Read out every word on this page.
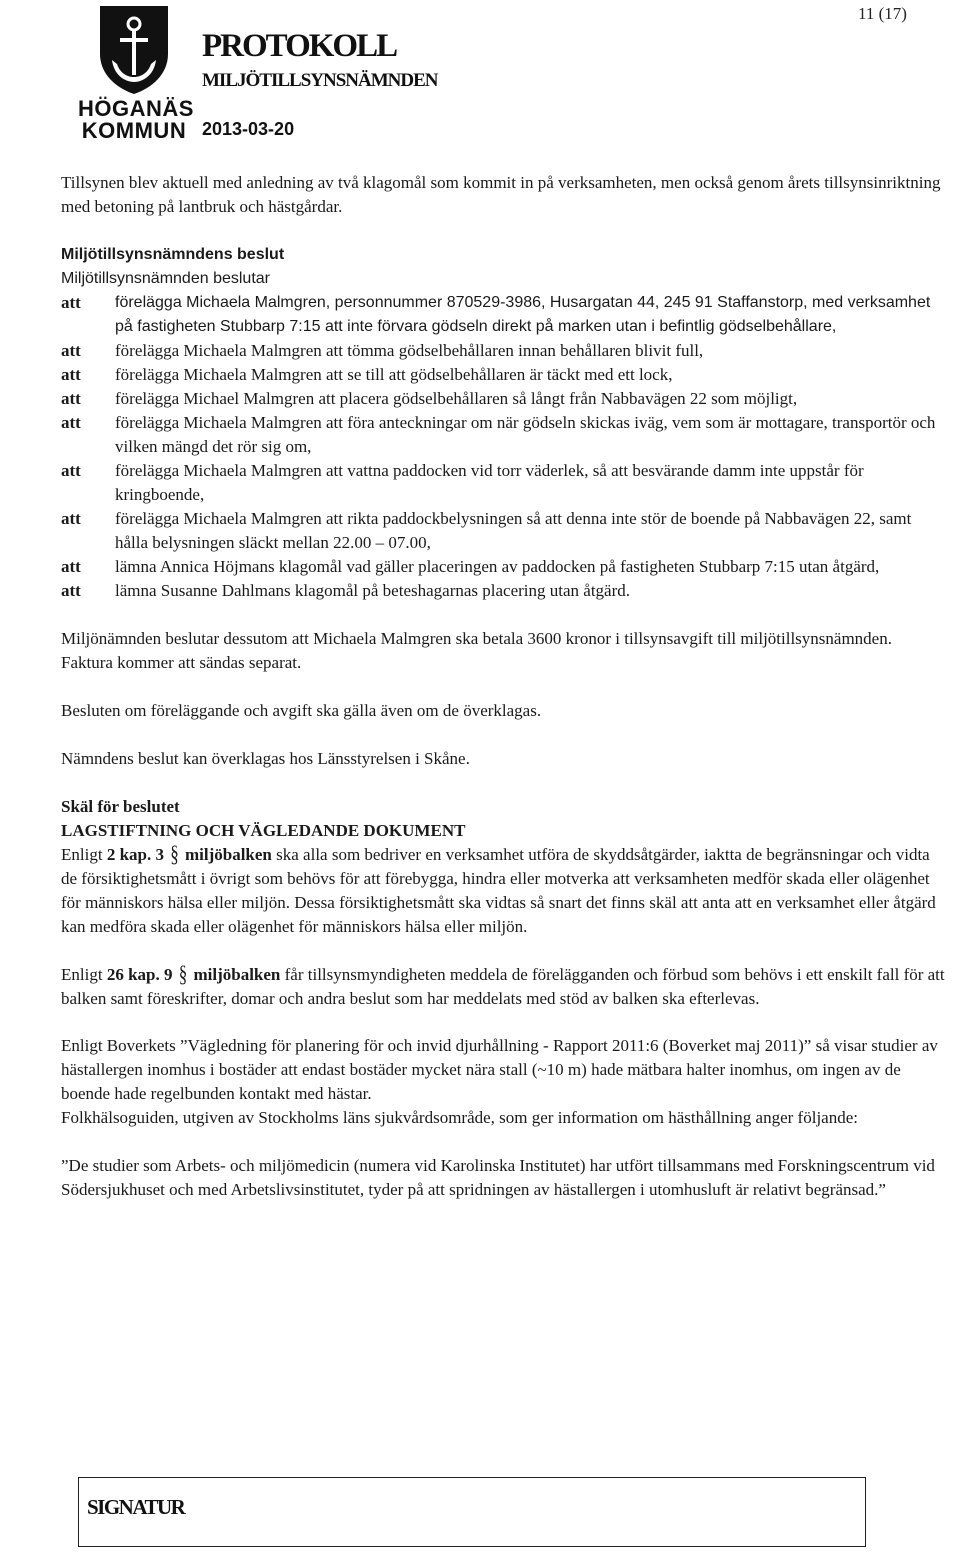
HÖGANÄS
KOMMUN
PROTOKOLL
MILJÖTILLSYNSNÄMNDEN
2013-03-20
11 (17)

Tillsynen blev aktuell med anledning av två klagomål som kommit in på verksamheten, men också genom årets tillsynsinriktning med betoning på lantbruk och hästgårdar.

Miljötillsynsnämndens beslut

Miljötillsynsnämnden beslutar

att	förelägga Michaela Malmgren, personnummer 870529-3986, Husargatan 44, 245 91 Staffanstorp, med verksamhet på fastigheten Stubbarp 7:15 att inte förvara gödseln direkt på marken utan i befintlig gödselbehållare,
att	förelägga Michaela Malmgren att tömma gödselbehållaren innan behållaren blivit full,
att	förelägga Michaela Malmgren att se till att gödselbehållaren är täckt med ett lock,
att	förelägga Michael Malmgren att placera gödselbehållaren så långt från Nabbavägen 22 som möjligt,
att	förelägga Michaela Malmgren att föra anteckningar om när gödseln skickas iväg, vem som är mottagare, transportör och vilken mängd det rör sig om,
att	förelägga Michaela Malmgren att vattna paddocken vid torr väderlek, så att besvärande damm inte uppstår för kringboende,
att	förelägga Michaela Malmgren att rikta paddockbelysningen så att denna inte stör de boende på Nabbavägen 22, samt hålla belysningen släckt mellan 22.00 – 07.00,
att	lämna Annica Höjmans klagomål vad gäller placeringen av paddocken på fastigheten Stubbarp 7:15 utan åtgärd,
att	lämna Susanne Dahlmans klagomål på beteshagarnas placering utan åtgärd.

Miljönämnden beslutar dessutom att Michaela Malmgren ska betala 3600 kronor i tillsynsavgift till miljötillsynsnämnden. Faktura kommer att sändas separat.

Besluten om föreläggande och avgift ska gälla även om de överklagas.

Nämndens beslut kan överklagas hos Länsstyrelsen i Skåne.

Skäl för beslutet

LAGSTIFTNING OCH VÄGLEDANDE DOKUMENT

Enligt 2 kap. 3 § miljöbalken ska alla som bedriver en verksamhet utföra de skyddsåtgärder, iaktta de begränsningar och vidta de försiktighetsmått i övrigt som behövs för att förebygga, hindra eller motverka att verksamheten medför skada eller olägenhet för människors hälsa eller miljön. Dessa försiktighetsmått ska vidtas så snart det finns skäl att anta att en verksamhet eller åtgärd kan medföra skada eller olägenhet för människors hälsa eller miljön.

Enligt 26 kap. 9 § miljöbalken får tillsynsmyndigheten meddela de förelägganden och förbud som behövs i ett enskilt fall för att balken samt föreskrifter, domar och andra beslut som har meddelats med stöd av balken ska efterlevas.

Enligt Boverkets ”Vägledning för planering för och invid djurhållning - Rapport 2011:6 (Boverket maj 2011)” så visar studier av hästallergen inomhus i bostäder att endast bostäder mycket nära stall (~10 m) hade mätbara halter inomhus, om ingen av de boende hade regelbunden kontakt med hästar.

Folkhälsoguiden, utgiven av Stockholms läns sjukvårdsområde, som ger information om hästhållning anger följande:

”De studier som Arbets- och miljömedicin (numera vid Karolinska Institutet) har utfört tillsammans med Forskningscentrum vid Södersjukhuset och med Arbetslivsinstitutet, tyder på att spridningen av hästallergen i utomhusluft är relativt begränsad.”

SIGNATUR
